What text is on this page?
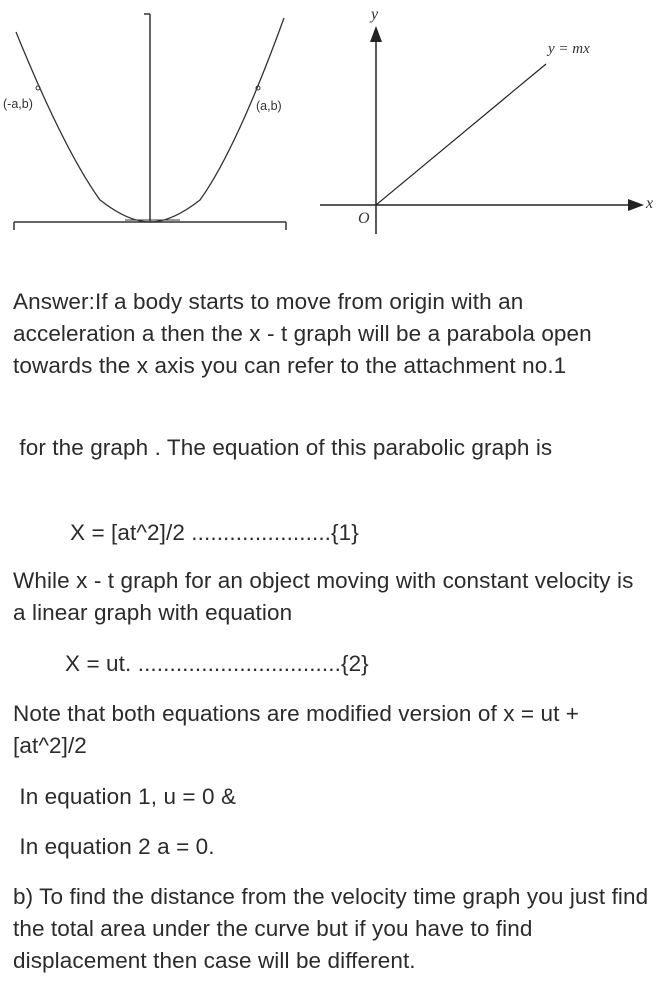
(-a,b)	(a,b)
y
x
O
y = mx
Answer:If a body starts to move from origin with an acceleration a then the x - t graph will be a parabola open towards the x axis you can refer to the attachment no.1
for the graph . The equation of this parabolic graph is
X = [at^2]/2 ......................{1}
While x - t graph for an object moving with constant velocity is a linear graph with equation
X = ut. ................................{2}
Note that both equations are modified version of x = ut + [at^2]/2
In equation 1, u = 0 &
In equation 2 a = 0.
b) To find the distance from the velocity time graph you just find the total area under the curve but if you have to find displacement then case will be different.
